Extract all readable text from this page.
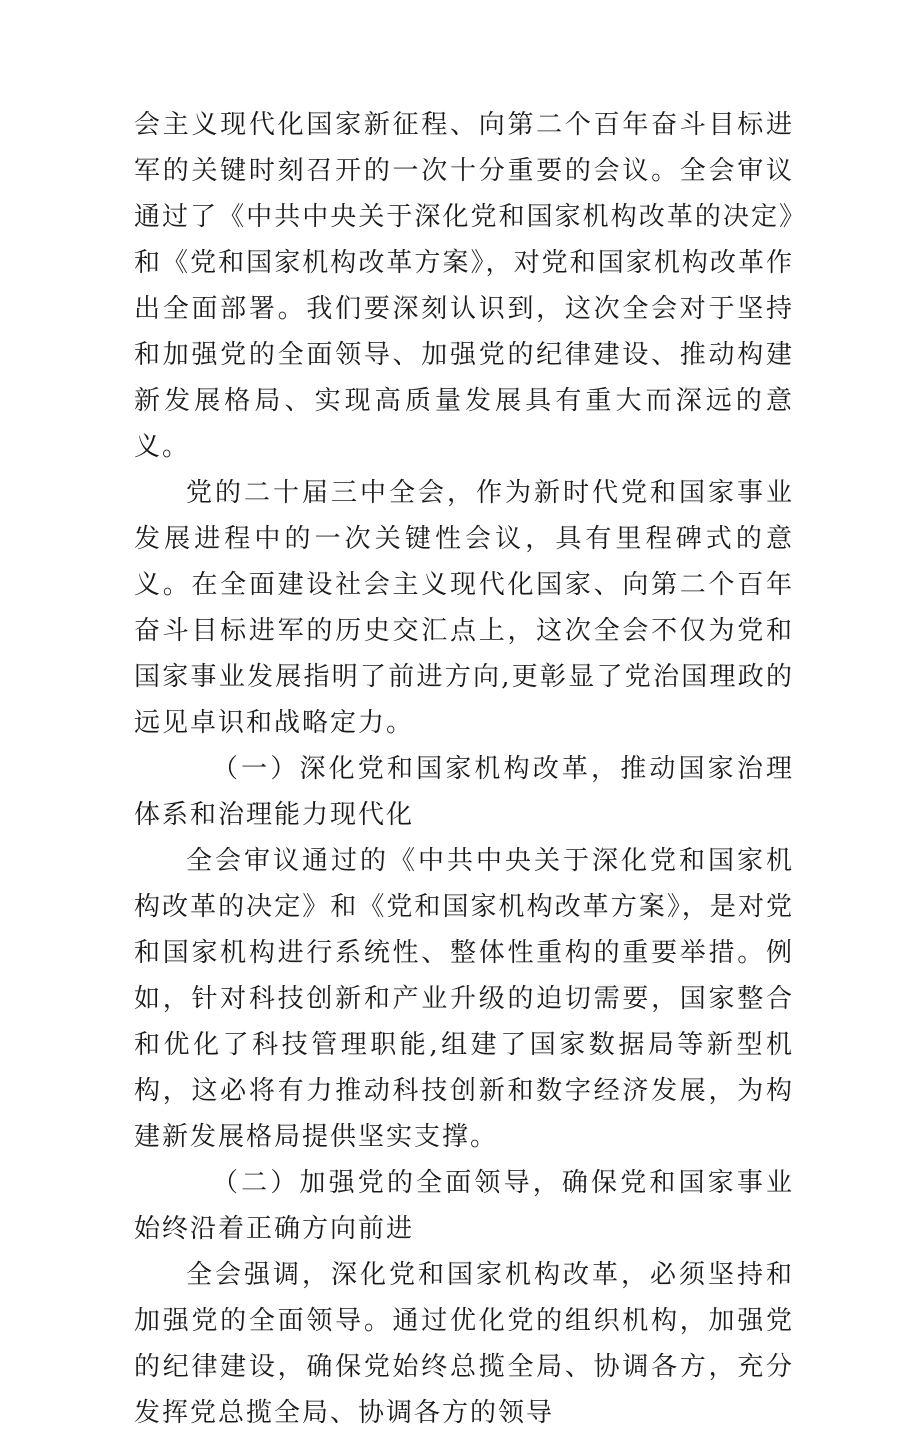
会主义现代化国家新征程、向第二个百年奋斗目标进军的关键时刻召开的一次十分重要的会议。全会审议通过了《中共中央关于深化党和国家机构改革的决定》和《党和国家机构改革方案》，对党和国家机构改革作出全面部署。我们要深刻认识到，这次全会对于坚持和加强党的全面领导、加强党的纪律建设、推动构建新发展格局、实现高质量发展具有重大而深远的意义。

党的二十届三中全会，作为新时代党和国家事业发展进程中的一次关键性会议，具有里程碑式的意义。在全面建设社会主义现代化国家、向第二个百年奋斗目标进军的历史交汇点上，这次全会不仅为党和国家事业发展指明了前进方向,更彰显了党治国理政的远见卓识和战略定力。

（一）深化党和国家机构改革，推动国家治理体系和治理能力现代化

全会审议通过的《中共中央关于深化党和国家机构改革的决定》和《党和国家机构改革方案》，是对党和国家机构进行系统性、整体性重构的重要举措。例如，针对科技创新和产业升级的迫切需要，国家整合和优化了科技管理职能,组建了国家数据局等新型机构，这必将有力推动科技创新和数字经济发展，为构建新发展格局提供坚实支撑。

（二）加强党的全面领导，确保党和国家事业始终沿着正确方向前进

全会强调，深化党和国家机构改革，必须坚持和加强党的全面领导。通过优化党的组织机构，加强党的纪律建设，确保党始终总揽全局、协调各方，充分发挥党总揽全局、协调各方的领导
